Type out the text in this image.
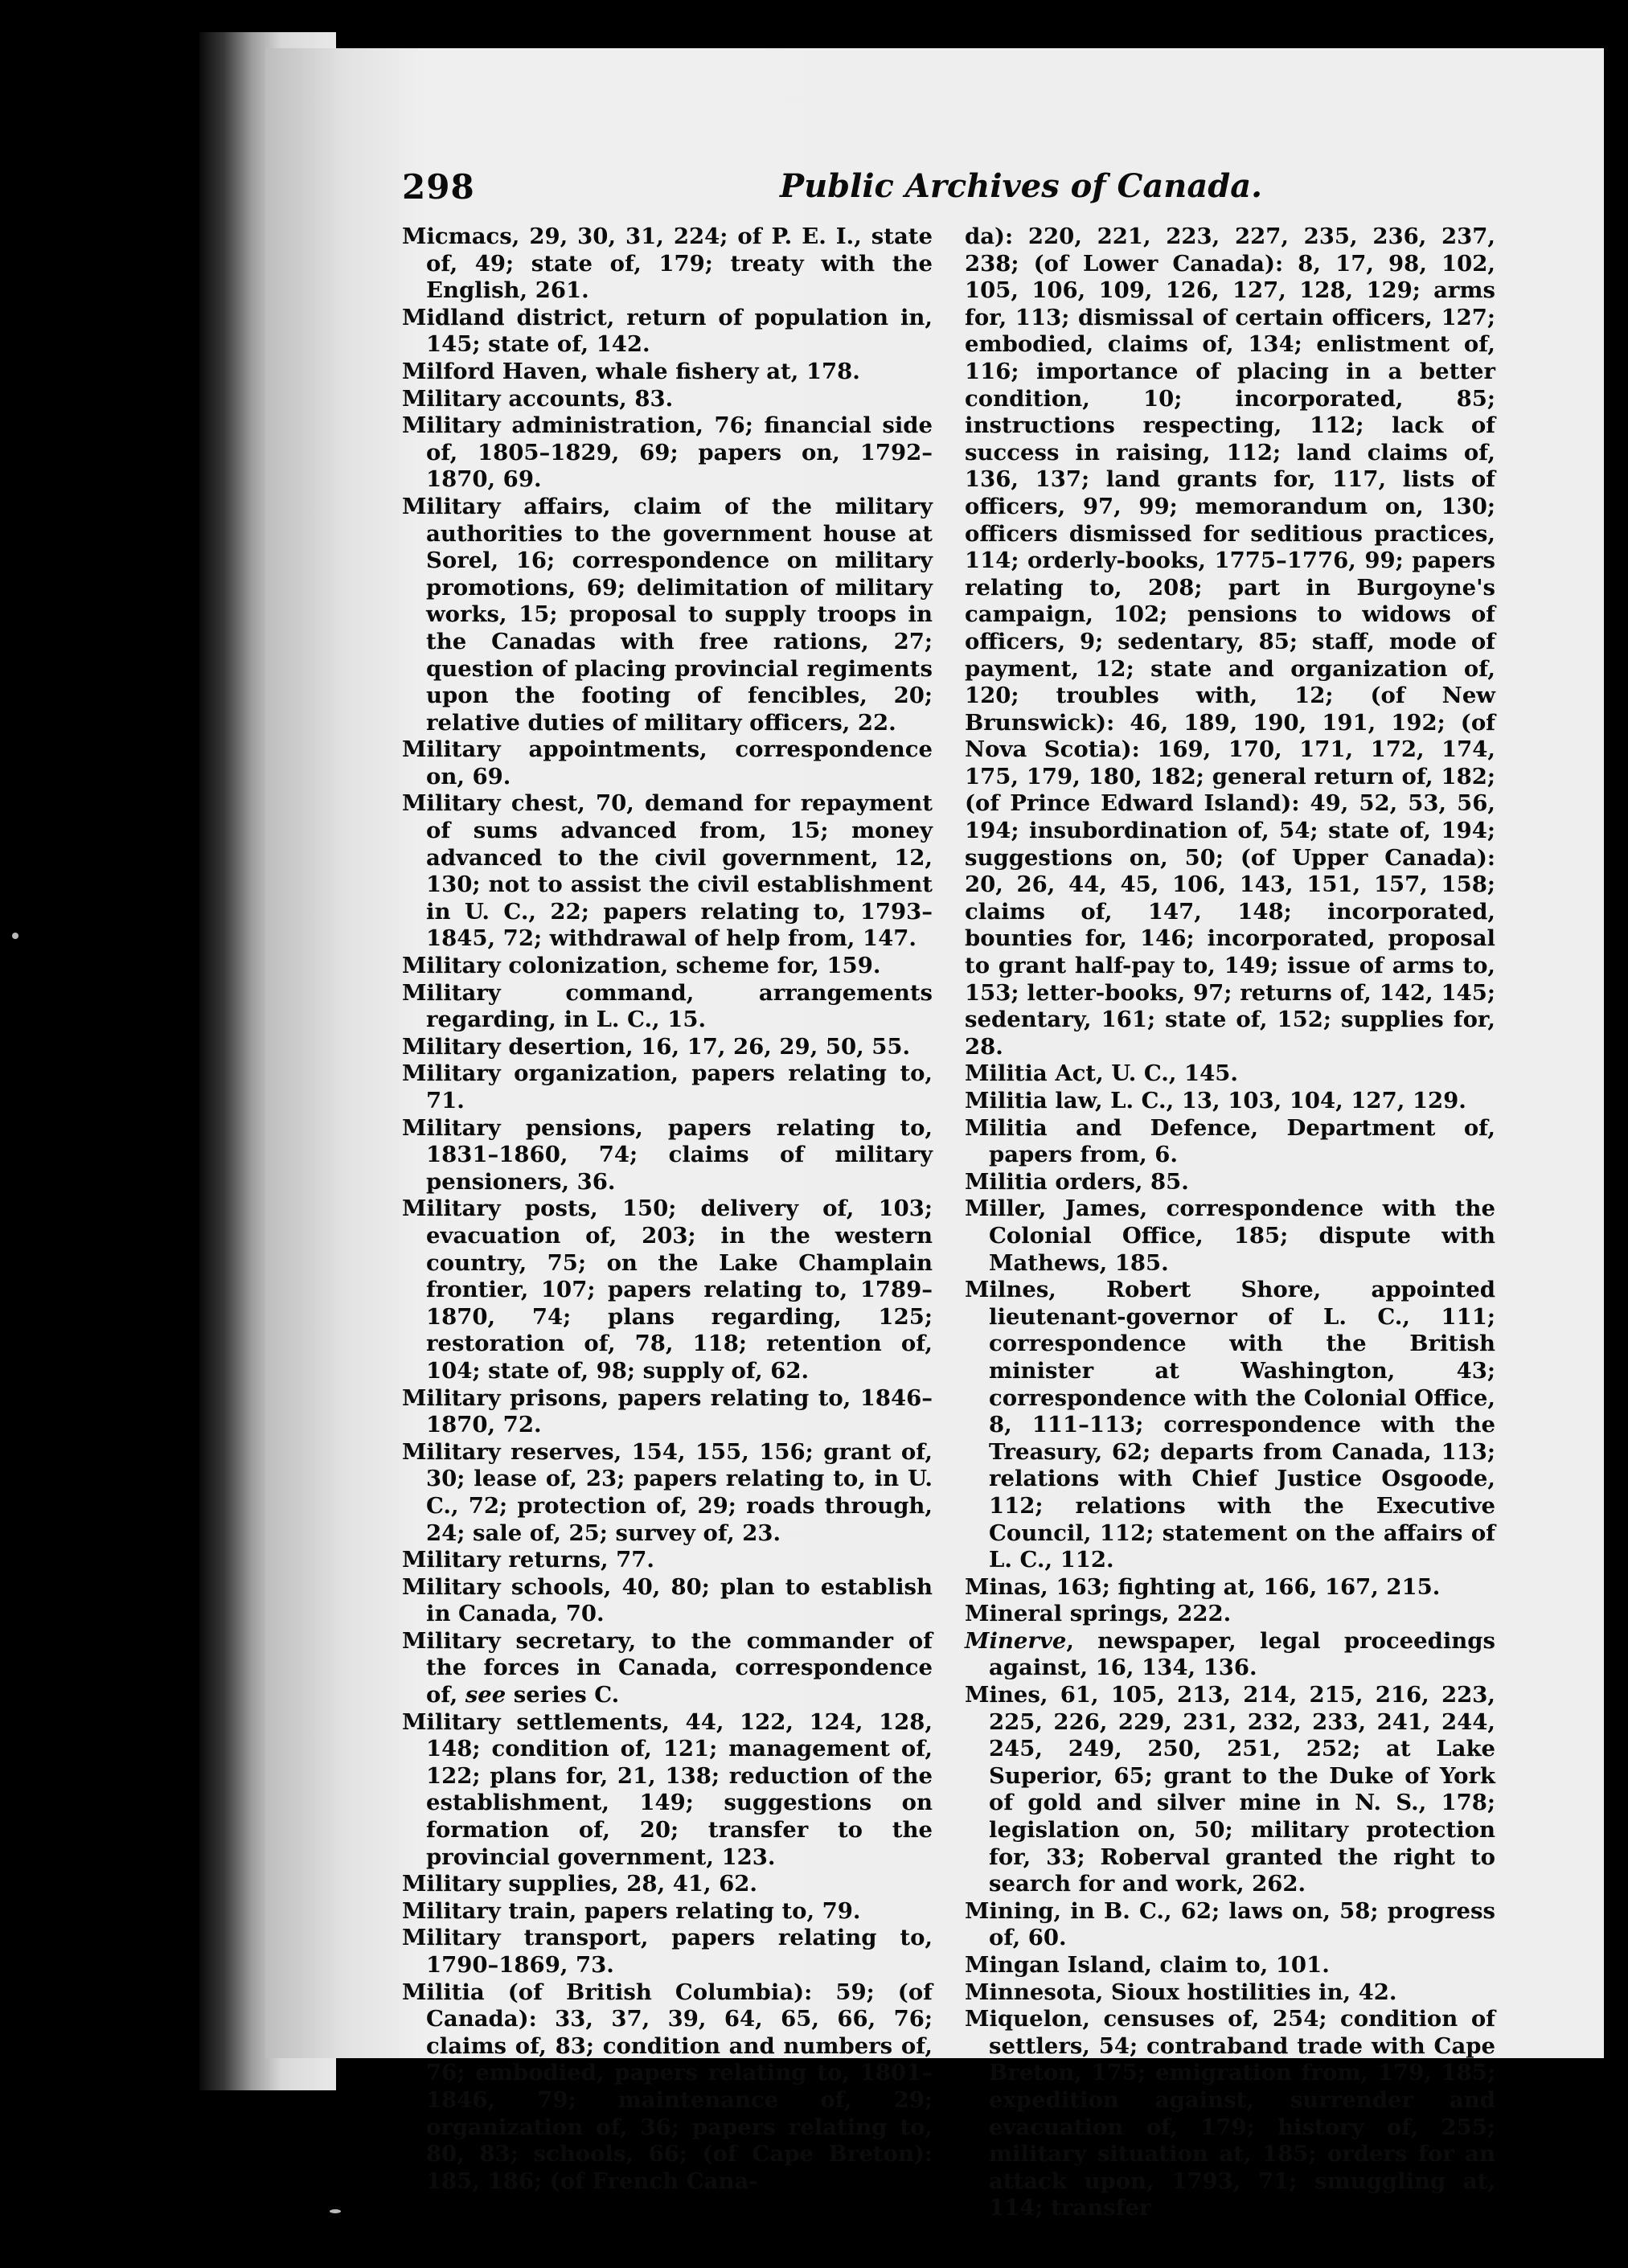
298	Public Archives of Canada.

Micmacs, 29, 30, 31, 224; of P. E. I., state of, 49; state of, 179; treaty with the English, 261.

Midland district, return of population in, 145; state of, 142.

Milford Haven, whale fishery at, 178.

Military accounts, 83.

Military administration, 76; financial side of, 1805–1829, 69; papers on, 1792–1870, 69.

Military affairs, claim of the military authorities to the government house at Sorel, 16; correspondence on military promotions, 69; delimitation of military works, 15; proposal to supply troops in the Canadas with free rations, 27; question of placing provincial regiments upon the footing of fencibles, 20; relative duties of military officers, 22.

Military appointments, correspondence on, 69.

Military chest, 70, demand for repayment of sums advanced from, 15; money advanced to the civil government, 12, 130; not to assist the civil establishment in U. C., 22; papers relating to, 1793–1845, 72; withdrawal of help from, 147.

Military colonization, scheme for, 159.

Military command, arrangements regarding, in L. C., 15.

Military desertion, 16, 17, 26, 29, 50, 55.

Military organization, papers relating to, 71.

Military pensions, papers relating to, 1831–1860, 74; claims of military pensioners, 36.

Military posts, 150; delivery of, 103; evacuation of, 203; in the western country, 75; on the Lake Champlain frontier, 107; papers relating to, 1789–1870, 74; plans regarding, 125; restoration of, 78, 118; retention of, 104; state of, 98; supply of, 62.

Military prisons, papers relating to, 1846–1870, 72.

Military reserves, 154, 155, 156; grant of, 30; lease of, 23; papers relating to, in U. C., 72; protection of, 29; roads through, 24; sale of, 25; survey of, 23.

Military returns, 77.

Military schools, 40, 80; plan to establish in Canada, 70.

Military secretary, to the commander of the forces in Canada, correspondence of, see series C.

Military settlements, 44, 122, 124, 128, 148; condition of, 121; management of, 122; plans for, 21, 138; reduction of the establishment, 149; suggestions on formation of, 20; transfer to the provincial government, 123.

Military supplies, 28, 41, 62.

Military train, papers relating to, 79.

Military transport, papers relating to, 1790–1869, 73.

Militia (of British Columbia): 59; (of Canada): 33, 37, 39, 64, 65, 66, 76; claims of, 83; condition and numbers of, 76; embodied, papers relating to, 1801–1846, 79; maintenance of, 29; organization of, 36; papers relating to, 80, 83; schools, 66; (of Cape Breton): 185, 186; (of French Cana-

da): 220, 221, 223, 227, 235, 236, 237, 238; (of Lower Canada): 8, 17, 98, 102, 105, 106, 109, 126, 127, 128, 129; arms for, 113; dismissal of certain officers, 127; embodied, claims of, 134; enlistment of, 116; importance of placing in a better condition, 10; incorporated, 85; instructions respecting, 112; lack of success in raising, 112; land claims of, 136, 137; land grants for, 117, lists of officers, 97, 99; memorandum on, 130; officers dismissed for seditious practices, 114; orderly-books, 1775–1776, 99; papers relating to, 208; part in Burgoyne's campaign, 102; pensions to widows of officers, 9; sedentary, 85; staff, mode of payment, 12; state and organization of, 120; troubles with, 12; (of New Brunswick): 46, 189, 190, 191, 192; (of Nova Scotia): 169, 170, 171, 172, 174, 175, 179, 180, 182; general return of, 182; (of Prince Edward Island): 49, 52, 53, 56, 194; insubordination of, 54; state of, 194; suggestions on, 50; (of Upper Canada): 20, 26, 44, 45, 106, 143, 151, 157, 158; claims of, 147, 148; incorporated, bounties for, 146; incorporated, proposal to grant half-pay to, 149; issue of arms to, 153; letter-books, 97; returns of, 142, 145; sedentary, 161; state of, 152; supplies for, 28.

Militia Act, U. C., 145.

Militia law, L. C., 13, 103, 104, 127, 129.

Militia and Defence, Department of, papers from, 6.

Militia orders, 85.

Miller, James, correspondence with the Colonial Office, 185; dispute with Mathews, 185.

Milnes, Robert Shore, appointed lieutenant-governor of L. C., 111; correspondence with the British minister at Washington, 43; correspondence with the Colonial Office, 8, 111–113; correspondence with the Treasury, 62; departs from Canada, 113; relations with Chief Justice Osgoode, 112; relations with the Executive Council, 112; statement on the affairs of L. C., 112.

Minas, 163; fighting at, 166, 167, 215.

Mineral springs, 222.

Minerve, newspaper, legal proceedings against, 16, 134, 136.

Mines, 61, 105, 213, 214, 215, 216, 223, 225, 226, 229, 231, 232, 233, 241, 244, 245, 249, 250, 251, 252; at Lake Superior, 65; grant to the Duke of York of gold and silver mine in N. S., 178; legislation on, 50; military protection for, 33; Roberval granted the right to search for and work, 262.

Mining, in B. C., 62; laws on, 58; progress of, 60.

Mingan Island, claim to, 101.

Minnesota, Sioux hostilities in, 42.

Miquelon, censuses of, 254; condition of settlers, 54; contraband trade with Cape Breton, 175; emigration from, 179, 185; expedition against, surrender and evacuation of, 179; history of, 255; military situation at, 185; orders for an attack upon, 1793, 71; smuggling at, 114; transfer
